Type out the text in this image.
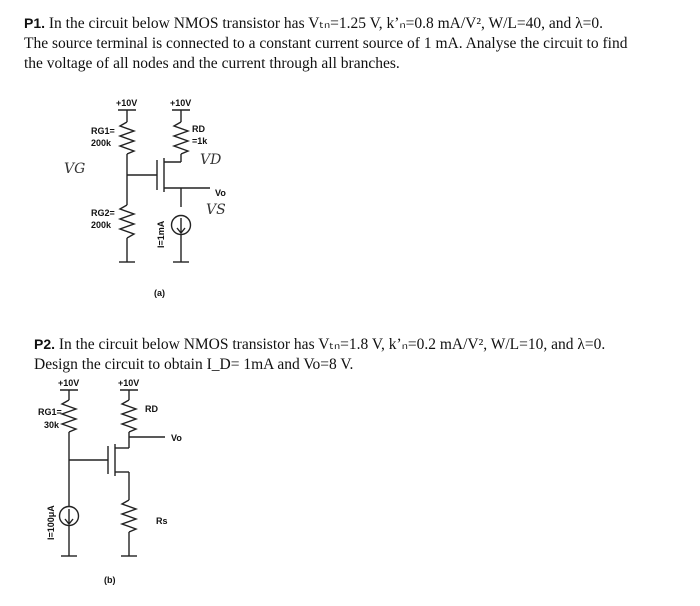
P1. In the circuit below NMOS transistor has Vₜₙ=1.25 V, k’ₙ=0.8 mA/V², W/L=40, and λ=0.
The source terminal is connected to a constant current source of 1 mA. Analyse the circuit to find
the voltage of all nodes and the current through all branches.
P2. In the circuit below NMOS transistor has Vₜₙ=1.8 V, k’ₙ=0.2 mA/V², W/L=10, and λ=0.
Design the circuit to obtain I_D= 1mA and Vo=8 V.
+10V	+10V
RG1=
200k
RD
=1k
Vo
RG2=
200k	I=1mA
VG
VD
VS
(a)
+10V	+10V
RG1=
30k
RD
Vo
I=100μA	Rs
(b)
